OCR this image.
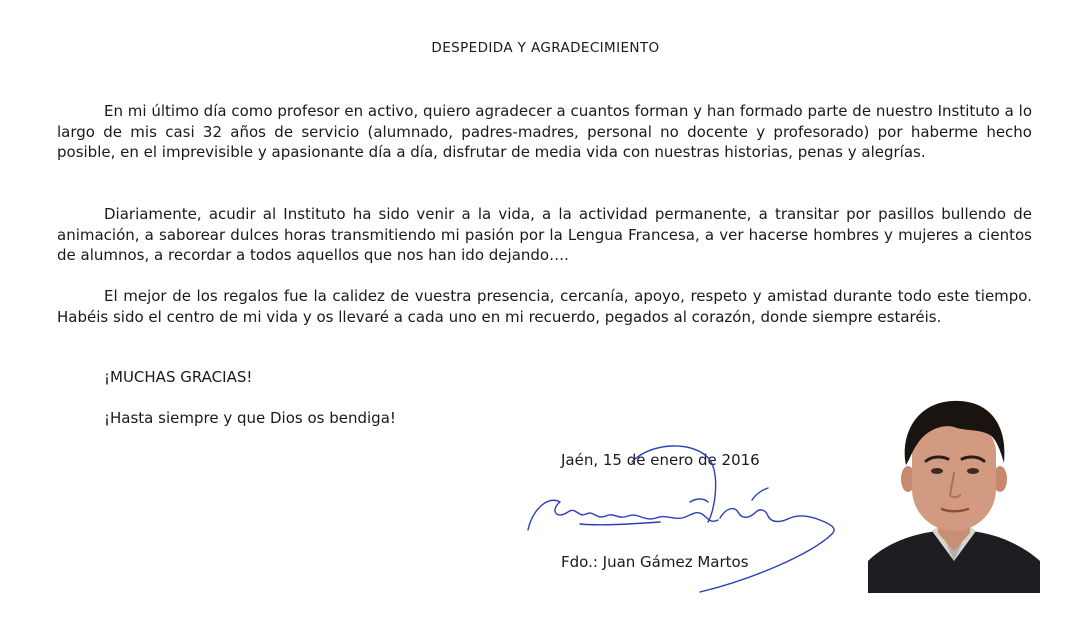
DESPEDIDA Y AGRADECIMIENTO

En mi último día como profesor en activo, quiero agradecer a cuantos forman y han formado parte de nuestro Instituto a lo largo de mis casi 32 años de servicio (alumnado, padres-madres, personal no docente y profesorado) por haberme hecho posible, en el imprevisible y apasionante día a día, disfrutar de media vida con nuestras historias, penas y alegrías.

Diariamente, acudir al Instituto ha sido venir a la vida, a la actividad permanente, a transitar por pasillos bullendo de animación, a saborear dulces horas transmitiendo mi pasión por la Lengua Francesa, a ver hacerse hombres y mujeres a cientos de alumnos, a recordar a todos aquellos que nos han ido dejando….

El mejor de los regalos fue la calidez de vuestra presencia, cercanía, apoyo, respeto y amistad durante todo este tiempo. Habéis sido el centro de mi vida y os llevaré a cada uno en mi recuerdo, pegados al corazón, donde siempre estaréis.

¡MUCHAS GRACIAS!
¡Hasta siempre y que Dios os bendiga!
Jaén, 15 de enero de 2016
Fdo.: Juan Gámez Martos
